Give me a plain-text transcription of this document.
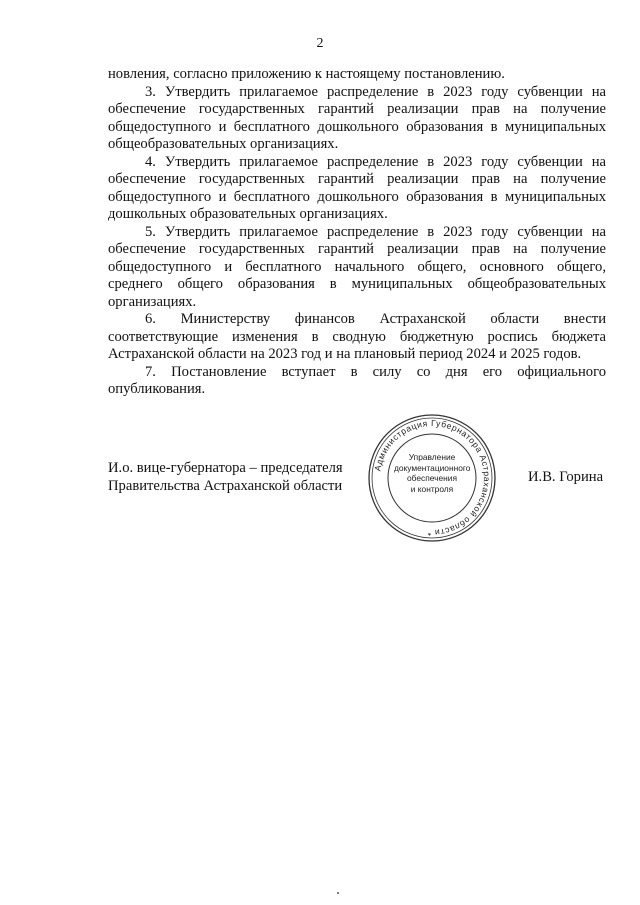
2

новления, согласно приложению к настоящему постановлению.

3. Утвердить прилагаемое распределение в 2023 году субвенции на обеспечение государственных гарантий реализации прав на получение общедоступного и бесплатного дошкольного образования в муниципальных общеобразовательных организациях.

4. Утвердить прилагаемое распределение в 2023 году субвенции на обеспечение государственных гарантий реализации прав на получение общедоступного и бесплатного дошкольного образования в муниципальных дошкольных образовательных организациях.

5. Утвердить прилагаемое распределение в 2023 году субвенции на обеспечение государственных гарантий реализации прав на получение общедоступного и бесплатного начального общего, основного общего, среднего общего образования в муниципальных общеобразовательных организациях.

6. Министерству финансов Астраханской области внести соответствующие изменения в сводную бюджетную роспись бюджета Астраханской области на 2023 год и на плановый период 2024 и 2025 годов.

7. Постановление вступает в силу со дня его официального опубликования.

И.о. вице-губернатора – председателя
Правительства Астраханской области
Администрация Губернатора Астраханской области *
Управление
документационного
обеспечения
и контроля
И.В. Горина
